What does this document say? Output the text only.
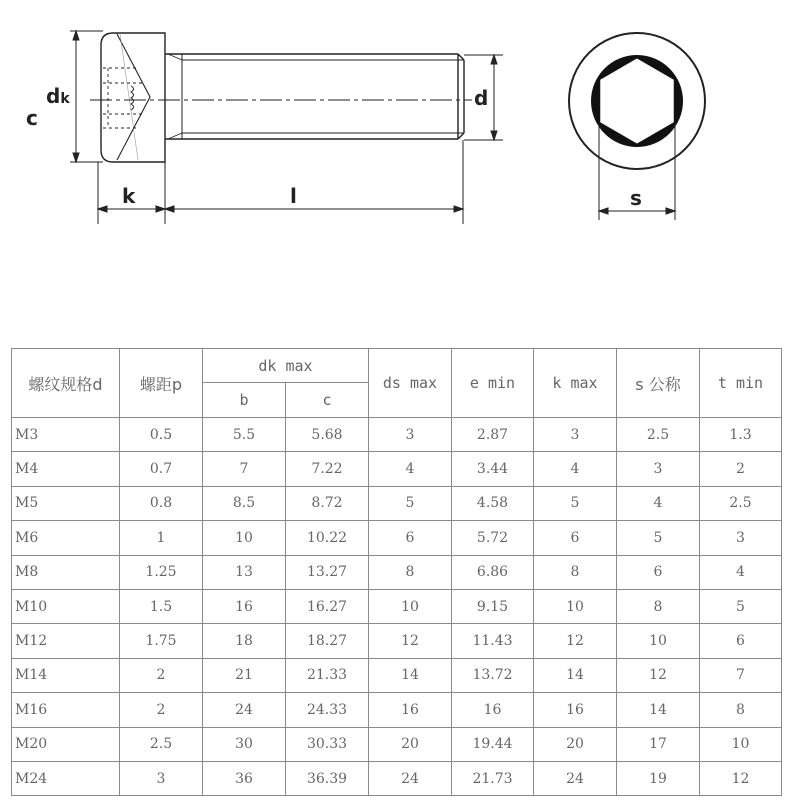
dk
c
d
k	l	s
螺纹规格d	螺距p	dk max		ds max	e min	k max	s 公称	t min
		b	c					
M3	0.5	5.5	5.68	3	2.87	3	2.5	1.3
M4	0.7	7	7.22	4	3.44	4	3	2
M5	0.8	8.5	8.72	5	4.58	5	4	2.5
M6	1	10	10.22	6	5.72	6	5	3
M8	1.25	13	13.27	8	6.86	8	6	4
M10	1.5	16	16.27	10	9.15	10	8	5
M12	1.75	18	18.27	12	11.43	12	10	6
M14	2	21	21.33	14	13.72	14	12	7
M16	2	24	24.33	16	16	16	14	8
M20	2.5	30	30.33	20	19.44	20	17	10
M24	3	36	36.39	24	21.73	24	19	12
